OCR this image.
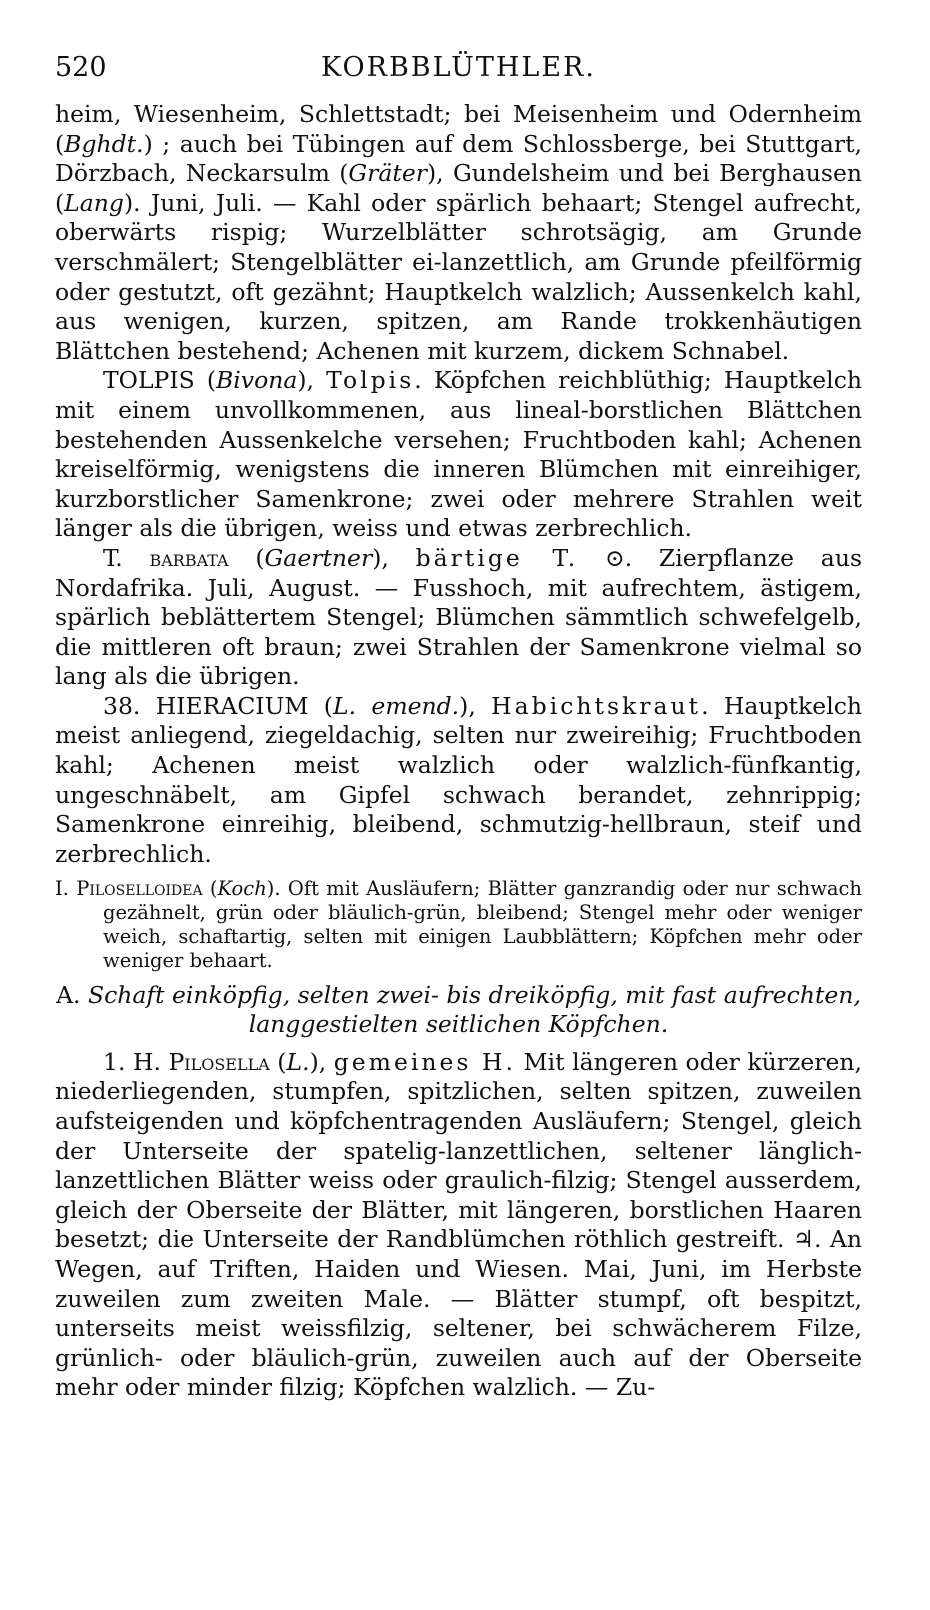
520	KORBBLÜTHLER.

heim, Wiesenheim, Schlettstadt; bei Meisenheim und Odernheim (Bghdt.) ; auch bei Tübingen auf dem Schlossberge, bei Stuttgart, Dörzbach, Neckarsulm (Gräter), Gundelsheim und bei Berghausen (Lang). Juni, Juli. — Kahl oder spärlich behaart; Stengel aufrecht, oberwärts rispig; Wurzelblätter schrotsägig, am Grunde verschmälert; Stengelblätter ei-lanzettlich, am Grunde pfeilförmig oder gestutzt, oft gezähnt; Hauptkelch walzlich; Aussenkelch kahl, aus wenigen, kurzen, spitzen, am Rande trokkenhäutigen Blättchen bestehend; Achenen mit kurzem, dickem Schnabel.

TOLPIS (Bivona), Tolpis. Köpfchen reichblüthig; Hauptkelch mit einem unvollkommenen, aus lineal-borstlichen Blättchen bestehenden Aussenkelche versehen; Fruchtboden kahl; Achenen kreiselförmig, wenigstens die inneren Blümchen mit einreihiger, kurzborstlicher Samenkrone; zwei oder mehrere Strahlen weit länger als die übrigen, weiss und etwas zerbrechlich.

T. barbata (Gaertner), bärtige T. ⊙. Zierpflanze aus Nordafrika. Juli, August. — Fusshoch, mit aufrechtem, ästigem, spärlich beblättertem Stengel; Blümchen sämmtlich schwefelgelb, die mittleren oft braun; zwei Strahlen der Samenkrone vielmal so lang als die übrigen.

38. HIERACIUM (L. emend.), Habichtskraut. Hauptkelch meist anliegend, ziegeldachig, selten nur zweireihig; Fruchtboden kahl; Achenen meist walzlich oder walzlich-fünfkantig, ungeschnäbelt, am Gipfel schwach berandet, zehnrippig; Samenkrone einreihig, bleibend, schmutzig-hellbraun, steif und zerbrechlich.

I. Piloselloidea (Koch). Oft mit Ausläufern; Blätter ganzrandig oder nur schwach gezähnelt, grün oder bläulich-grün, bleibend; Stengel mehr oder weniger weich, schaftartig, selten mit einigen Laubblättern; Köpfchen mehr oder weniger behaart.

A. Schaft einköpfig, selten zwei- bis dreiköpfig, mit fast aufrechten, langgestielten seitlichen Köpfchen.

1. H. Pilosella (L.), gemeines H. Mit längeren oder kürzeren, niederliegenden, stumpfen, spitzlichen, selten spitzen, zuweilen aufsteigenden und köpfchentragenden Ausläufern; Stengel, gleich der Unterseite der spatelig-lanzettlichen, seltener länglich-lanzettlichen Blätter weiss oder graulich-filzig; Stengel ausserdem, gleich der Oberseite der Blätter, mit längeren, borstlichen Haaren besetzt; die Unterseite der Randblümchen röthlich gestreift. ♃. An Wegen, auf Triften, Haiden und Wiesen. Mai, Juni, im Herbste zuweilen zum zweiten Male. — Blätter stumpf, oft bespitzt, unterseits meist weissfilzig, seltener, bei schwächerem Filze, grünlich- oder bläulich-grün, zuweilen auch auf der Oberseite mehr oder minder filzig; Köpfchen walzlich. — Zu-
